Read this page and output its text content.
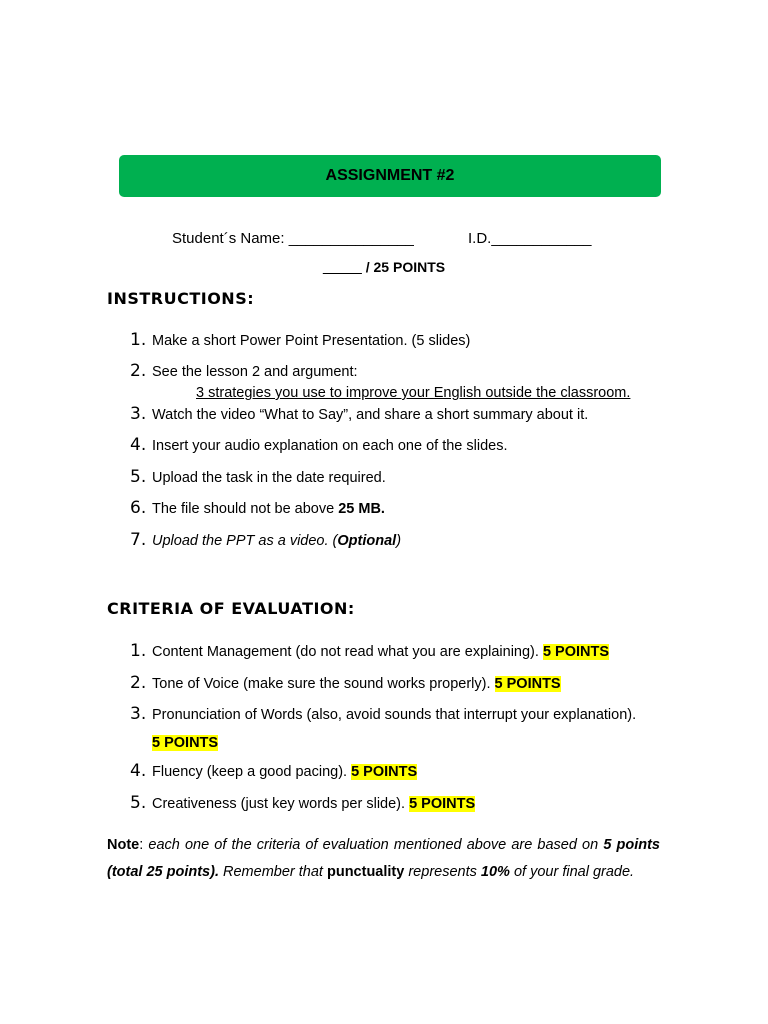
ASSIGNMENT #2
Student´s Name: _______________	I.D.____________
_____ / 25 POINTS
INSTRUCTIONS:
1. Make a short Power Point Presentation. (5 slides)
2. See the lesson 2 and argument:
3 strategies you use to improve your English outside the classroom.
3. Watch the video “What to Say”, and share a short summary about it.
4. Insert your audio explanation on each one of the slides.
5. Upload the task in the date required.
6. The file should not be above 25 MB.
7. Upload the PPT as a video. (Optional)
CRITERIA OF EVALUATION:
1. Content Management (do not read what you are explaining). 5 POINTS
2. Tone of Voice (make sure the sound works properly). 5 POINTS
3. Pronunciation of Words (also, avoid sounds that interrupt your explanation).
5 POINTS
4. Fluency (keep a good pacing). 5 POINTS
5. Creativeness (just key words per slide). 5 POINTS
Note: each one of the criteria of evaluation mentioned above are based on 5 points (total 25 points). Remember that punctuality represents 10% of your final grade.
